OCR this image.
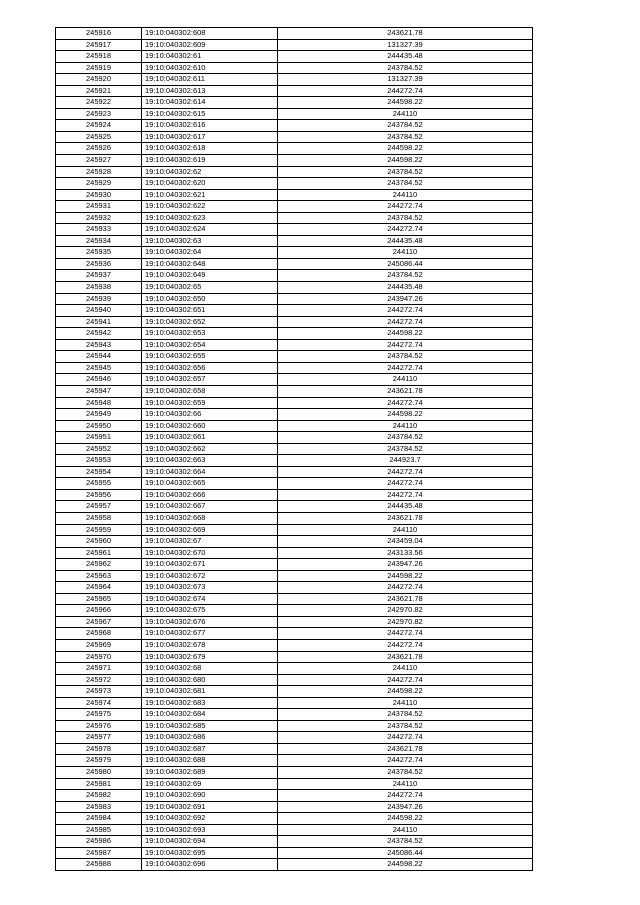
245916	19:10:040302:608	243621.78
245917	19:10:040302:609	131327.39
245918	19:10:040302:61	244435.48
245919	19:10:040302:610	243784.52
245920	19:10:040302:611	131327.39
245921	19:10:040302:613	244272.74
245922	19:10:040302:614	244598.22
245923	19:10:040302:615	244110
245924	19:10:040302:616	243784.52
245925	19:10:040302:617	243784.52
245926	19:10:040302:618	244598.22
245927	19:10:040302:619	244598.22
245928	19:10:040302:62	243784.52
245929	19:10:040302:620	243784.52
245930	19:10:040302:621	244110
245931	19:10:040302:622	244272.74
245932	19:10:040302:623	243784.52
245933	19:10:040302:624	244272.74
245934	19:10:040302:63	244435.48
245935	19:10:040302:64	244110
245936	19:10:040302:648	245086.44
245937	19:10:040302:649	243784.52
245938	19:10:040302:65	244435.48
245939	19:10:040302:650	243947.26
245940	19:10:040302:651	244272.74
245941	19:10:040302:652	244272.74
245942	19:10:040302:653	244598.22
245943	19:10:040302:654	244272.74
245944	19:10:040302:655	243784.52
245945	19:10:040302:656	244272.74
245946	19:10:040302:657	244110
245947	19:10:040302:658	243621.78
245948	19:10:040302:659	244272.74
245949	19:10:040302:66	244598.22
245950	19:10:040302:660	244110
245951	19:10:040302:661	243784.52
245952	19:10:040302:662	243784.52
245953	19:10:040302:663	244923.7
245954	19:10:040302:664	244272.74
245955	19:10:040302:665	244272.74
245956	19:10:040302:666	244272.74
245957	19:10:040302:667	244435.48
245958	19:10:040302:668	243621.78
245959	19:10:040302:669	244110
245960	19:10:040302:67	243459.04
245961	19:10:040302:670	243133.56
245962	19:10:040302:671	243947.26
245963	19:10:040302:672	244598.22
245964	19:10:040302:673	244272.74
245965	19:10:040302:674	243621.78
245966	19:10:040302:675	242970.82
245967	19:10:040302:676	242970.82
245968	19:10:040302:677	244272.74
245969	19:10:040302:678	244272.74
245970	19:10:040302:679	243621.78
245971	19:10:040302:68	244110
245972	19:10:040302:680	244272.74
245973	19:10:040302:681	244598.22
245974	19:10:040302:683	244110
245975	19:10:040302:684	243784.52
245976	19:10:040302:685	243784.52
245977	19:10:040302:686	244272.74
245978	19:10:040302:687	243621.78
245979	19:10:040302:688	244272.74
245980	19:10:040302:689	243784.52
245981	19:10:040302:69	244110
245982	19:10:040302:690	244272.74
245983	19:10:040302:691	243947.26
245984	19:10:040302:692	244598.22
245985	19:10:040302:693	244110
245986	19:10:040302:694	243784.52
245987	19:10:040302:695	245086.44
245988	19:10:040302:696	244598.22
